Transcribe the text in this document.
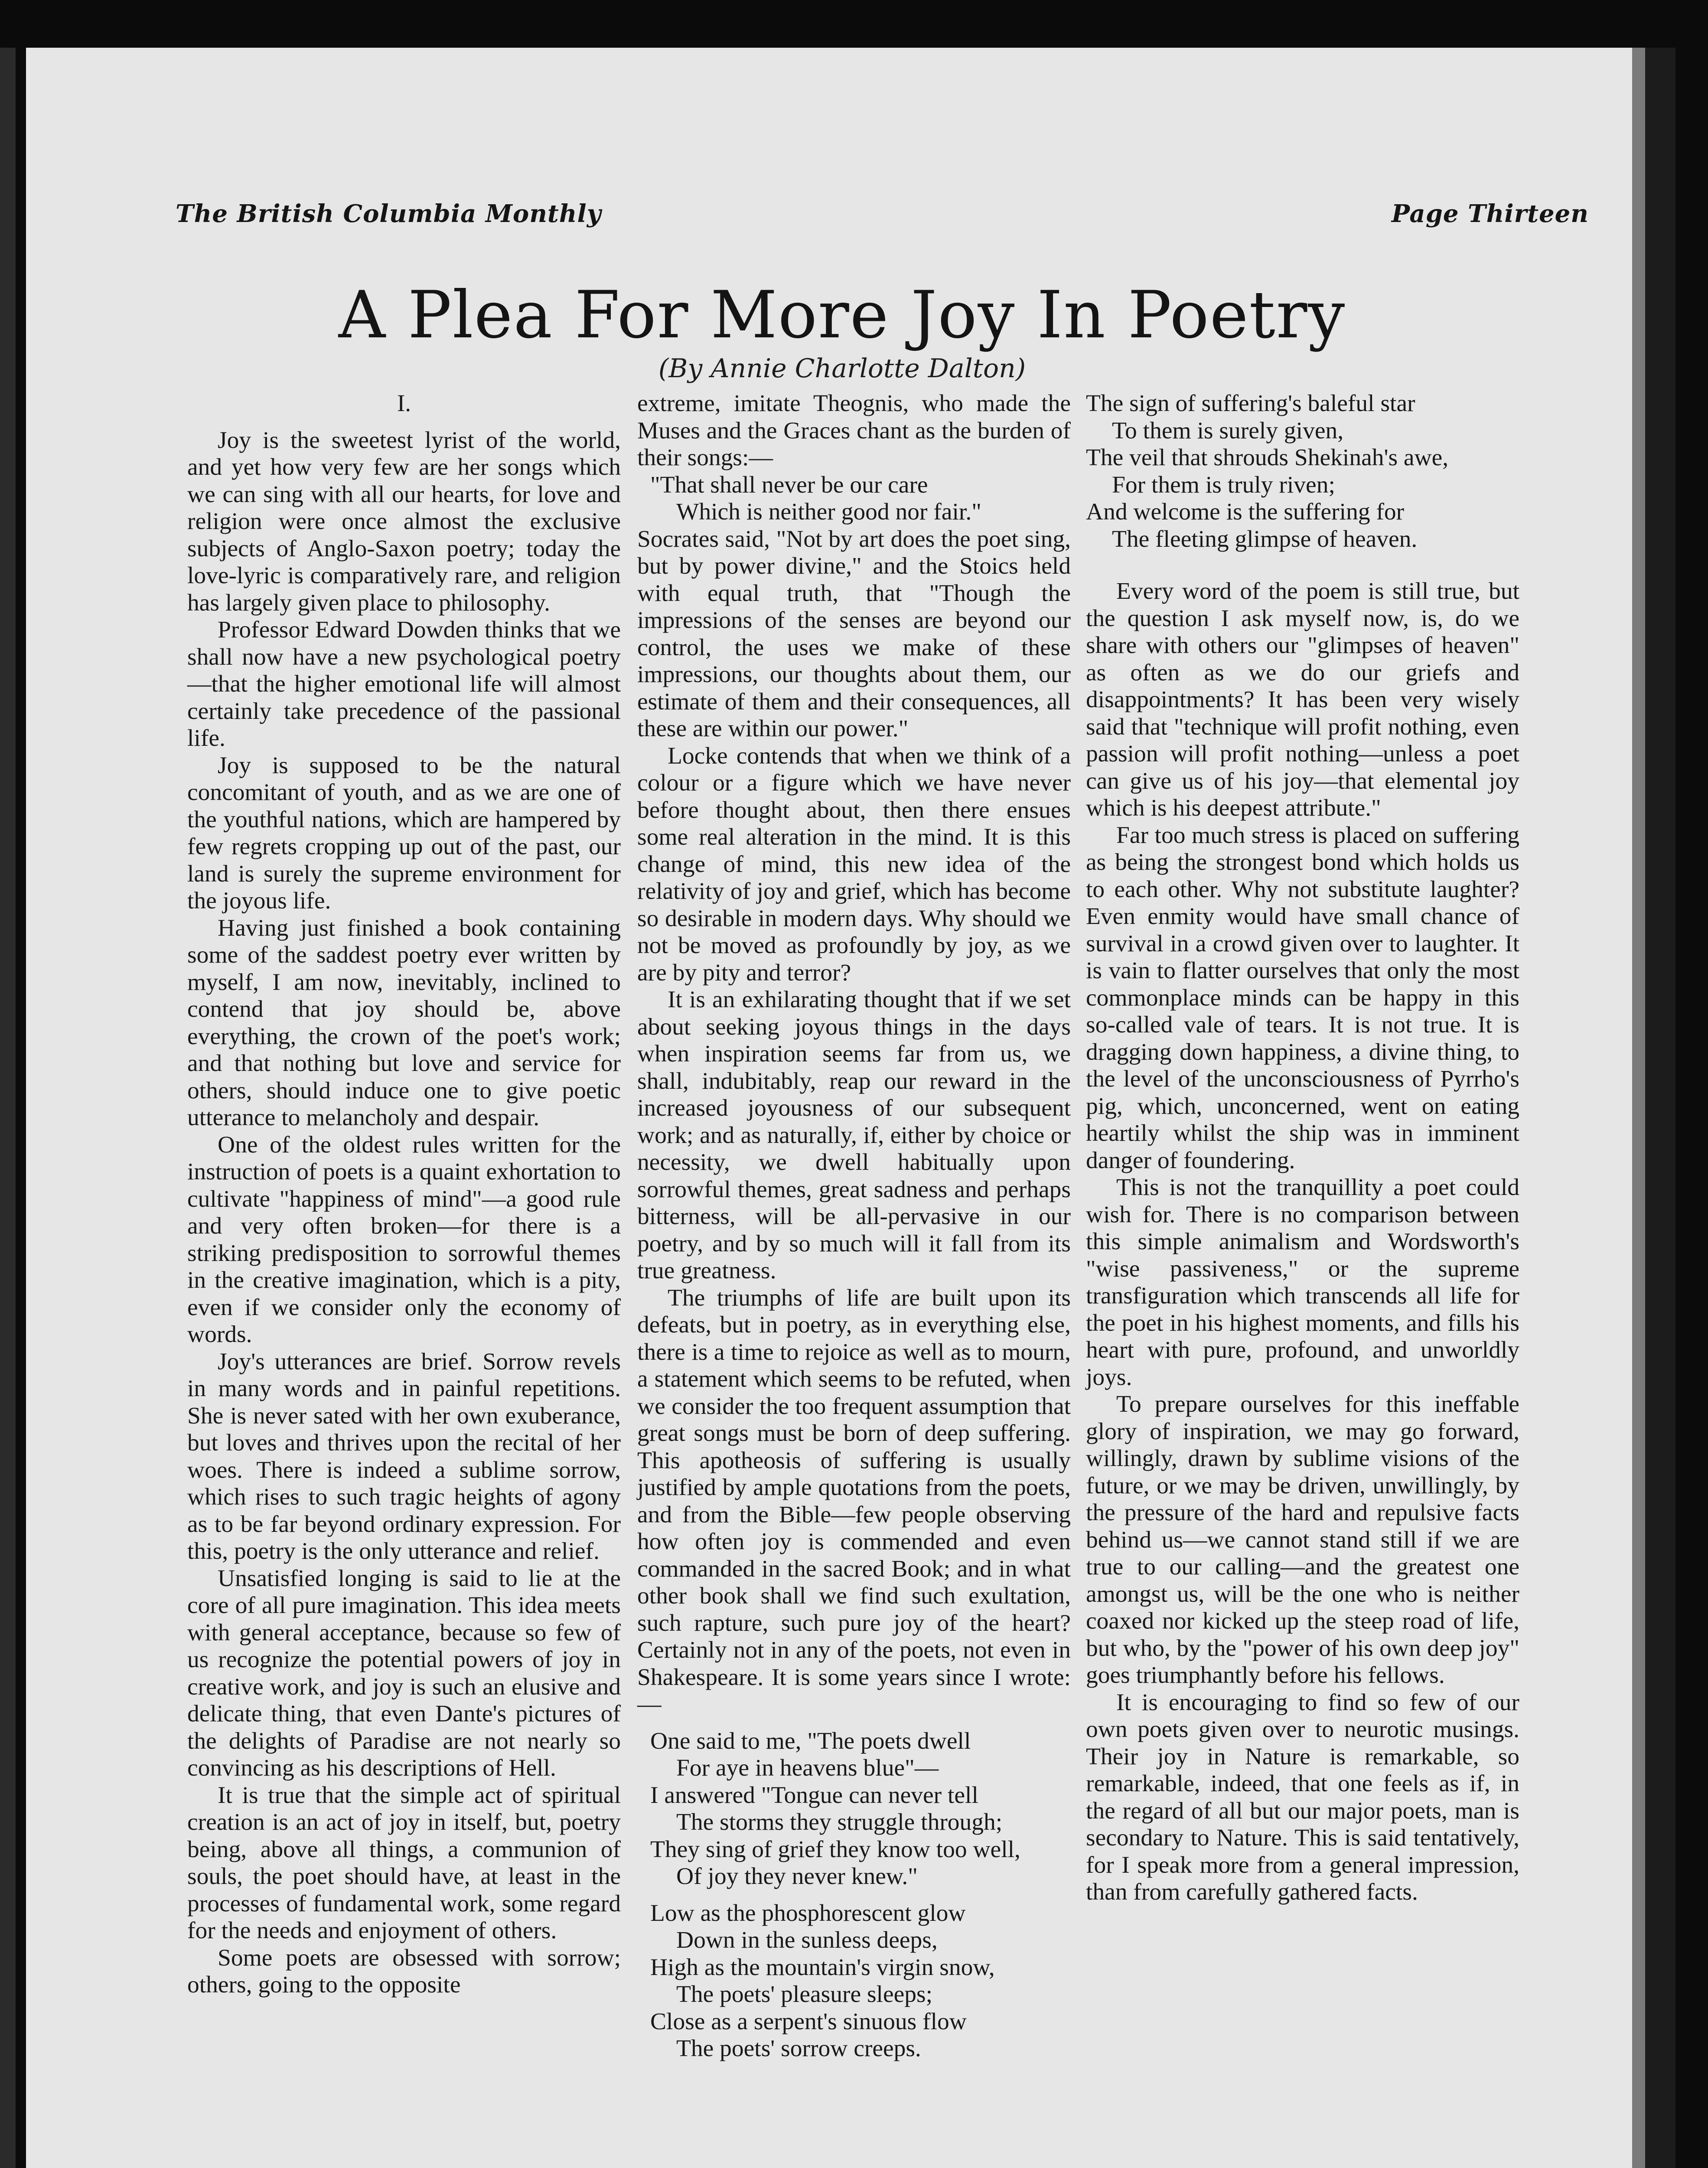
The British Columbia Monthly	Page Thirteen
A Plea For More Joy In Poetry
(By Annie Charlotte Dalton)
I.

Joy is the sweetest lyrist of the world, and yet how very few are her songs which we can sing with all our hearts, for love and religion were once almost the exclusive subjects of Anglo-Saxon poetry; today the love-lyric is comparatively rare, and religion has largely given place to philosophy.

Professor Edward Dowden thinks that we shall now have a new psychological poetry—that the higher emotional life will almost certainly take precedence of the passional life.

Joy is supposed to be the natural concomitant of youth, and as we are one of the youthful nations, which are hampered by few regrets cropping up out of the past, our land is surely the supreme environment for the joyous life.

Having just finished a book containing some of the saddest poetry ever written by myself, I am now, inevitably, inclined to contend that joy should be, above everything, the crown of the poet's work; and that nothing but love and service for others, should induce one to give poetic utterance to melancholy and despair.

One of the oldest rules written for the instruction of poets is a quaint exhortation to cultivate "happiness of mind"—a good rule and very often broken—for there is a striking predisposition to sorrowful themes in the creative imagination, which is a pity, even if we consider only the economy of words.

Joy's utterances are brief. Sorrow revels in many words and in painful repetitions. She is never sated with her own exuberance, but loves and thrives upon the recital of her woes. There is indeed a sublime sorrow, which rises to such tragic heights of agony as to be far beyond ordinary expression. For this, poetry is the only utterance and relief.

Unsatisfied longing is said to lie at the core of all pure imagination. This idea meets with general acceptance, because so few of us recognize the potential powers of joy in creative work, and joy is such an elusive and delicate thing, that even Dante's pictures of the delights of Paradise are not nearly so convincing as his descriptions of Hell.

It is true that the simple act of spiritual creation is an act of joy in itself, but, poetry being, above all things, a communion of souls, the poet should have, at least in the processes of fundamental work, some regard for the needs and enjoyment of others.

Some poets are obsessed with sorrow; others, going to the opposite

extreme, imitate Theognis, who made the Muses and the Graces chant as the burden of their songs:—

"That shall never be our care
Which is neither good nor fair."

Socrates said, "Not by art does the poet sing, but by power divine," and the Stoics held with equal truth, that "Though the impressions of the senses are beyond our control, the uses we make of these impressions, our thoughts about them, our estimate of them and their consequences, all these are within our power."

Locke contends that when we think of a colour or a figure which we have never before thought about, then there ensues some real alteration in the mind. It is this change of mind, this new idea of the relativity of joy and grief, which has become so desirable in modern days. Why should we not be moved as profoundly by joy, as we are by pity and terror?

It is an exhilarating thought that if we set about seeking joyous things in the days when inspiration seems far from us, we shall, indubitably, reap our reward in the increased joyousness of our subsequent work; and as naturally, if, either by choice or necessity, we dwell habitually upon sorrowful themes, great sadness and perhaps bitterness, will be all-pervasive in our poetry, and by so much will it fall from its true greatness.

The triumphs of life are built upon its defeats, but in poetry, as in everything else, there is a time to rejoice as well as to mourn, a statement which seems to be refuted, when we consider the too frequent assumption that great songs must be born of deep suffering. This apotheosis of suffering is usually justified by ample quotations from the poets, and from the Bible—few people observing how often joy is commended and even commanded in the sacred Book; and in what other book shall we find such exultation, such rapture, such pure joy of the heart? Certainly not in any of the poets, not even in Shakespeare. It is some years since I wrote:—

One said to me, "The poets dwell
For aye in heavens blue"—
I answered "Tongue can never tell
The storms they struggle through;
They sing of grief they know too well,
Of joy they never knew."
Low as the phosphorescent glow
Down in the sunless deeps,
High as the mountain's virgin snow,
The poets' pleasure sleeps;
Close as a serpent's sinuous flow
The poets' sorrow creeps.
The sign of suffering's baleful star
To them is surely given,
The veil that shrouds Shekinah's awe,
For them is truly riven;
And welcome is the suffering for
The fleeting glimpse of heaven.

Every word of the poem is still true, but the question I ask myself now, is, do we share with others our "glimpses of heaven" as often as we do our griefs and disappointments? It has been very wisely said that "technique will profit nothing, even passion will profit nothing—unless a poet can give us of his joy—that elemental joy which is his deepest attribute."

Far too much stress is placed on suffering as being the strongest bond which holds us to each other. Why not substitute laughter? Even enmity would have small chance of survival in a crowd given over to laughter. It is vain to flatter ourselves that only the most commonplace minds can be happy in this so-called vale of tears. It is not true. It is dragging down happiness, a divine thing, to the level of the unconsciousness of Pyrrho's pig, which, unconcerned, went on eating heartily whilst the ship was in imminent danger of foundering.

This is not the tranquillity a poet could wish for. There is no comparison between this simple animalism and Wordsworth's "wise passiveness," or the supreme transfiguration which transcends all life for the poet in his highest moments, and fills his heart with pure, profound, and unworldly joys.

To prepare ourselves for this ineffable glory of inspiration, we may go forward, willingly, drawn by sublime visions of the future, or we may be driven, unwillingly, by the pressure of the hard and repulsive facts behind us—we cannot stand still if we are true to our calling—and the greatest one amongst us, will be the one who is neither coaxed nor kicked up the steep road of life, but who, by the "power of his own deep joy" goes triumphantly before his fellows.

It is encouraging to find so few of our own poets given over to neurotic musings. Their joy in Nature is remarkable, so remarkable, indeed, that one feels as if, in the regard of all but our major poets, man is secondary to Nature. This is said tentatively, for I speak more from a general impression, than from carefully gathered facts.
